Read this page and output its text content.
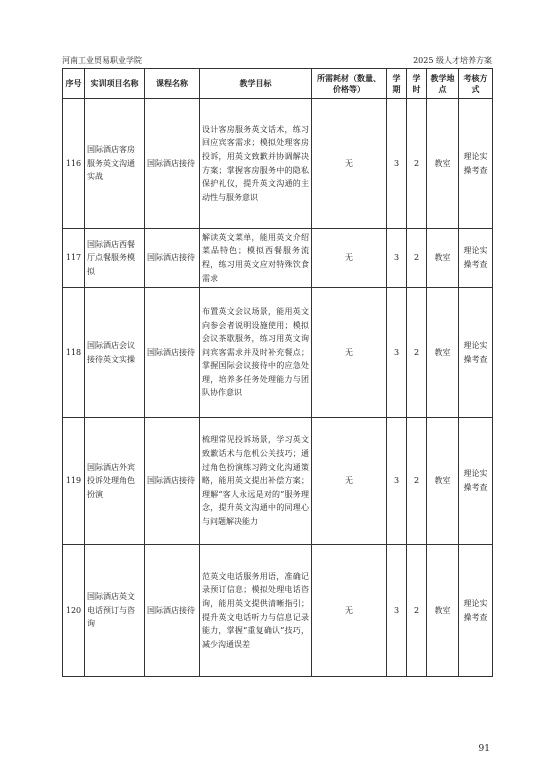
河南工业贸易职业学院	2025 级人才培养方案
序号	实训项目名称	课程名称	教学目标	所需耗材（数量、价格等）	学期	学时	教学地点	考核方式
116	国际酒店客房服务英文沟通实战	国际酒店接待	设计客房服务英文话术，练习回应宾客需求；模拟处理客房投诉，用英文致歉并协调解决方案；掌握客房服务中的隐私保护礼仪，提升英文沟通的主动性与服务意识	无	3	2	教室	理论实操考查
117	国际酒店西餐厅点餐服务模拟	国际酒店接待	解读英文菜单，能用英文介绍菜品特色；模拟西餐服务流程，练习用英文应对特殊饮食需求	无	3	2	教室	理论实操考查
118	国际酒店会议接待英文实操	国际酒店接待	布置英文会议场景，能用英文向参会者说明设施使用；模拟会议茶歇服务，练习用英文询问宾客需求并及时补充餐点；掌握国际会议接待中的应急处理，培养多任务处理能力与团队协作意识	无	3	2	教室	理论实操考查
119	国际酒店外宾投诉处理角色扮演	国际酒店接待	梳理常见投诉场景，学习英文致歉话术与危机公关技巧；通过角色扮演练习跨文化沟通策略，能用英文提出补偿方案；理解“客人永远是对的”服务理念，提升英文沟通中的同理心与问题解决能力	无	3	2	教室	理论实操考查
120	国际酒店英文电话预订与咨询	国际酒店接待	范英文电话服务用语，准确记录预订信息；模拟处理电话咨询，能用英文提供清晰指引；提升英文电话听力与信息记录能力，掌握“重复确认”技巧，减少沟通误差	无	3	2	教室	理论实操考查
91
